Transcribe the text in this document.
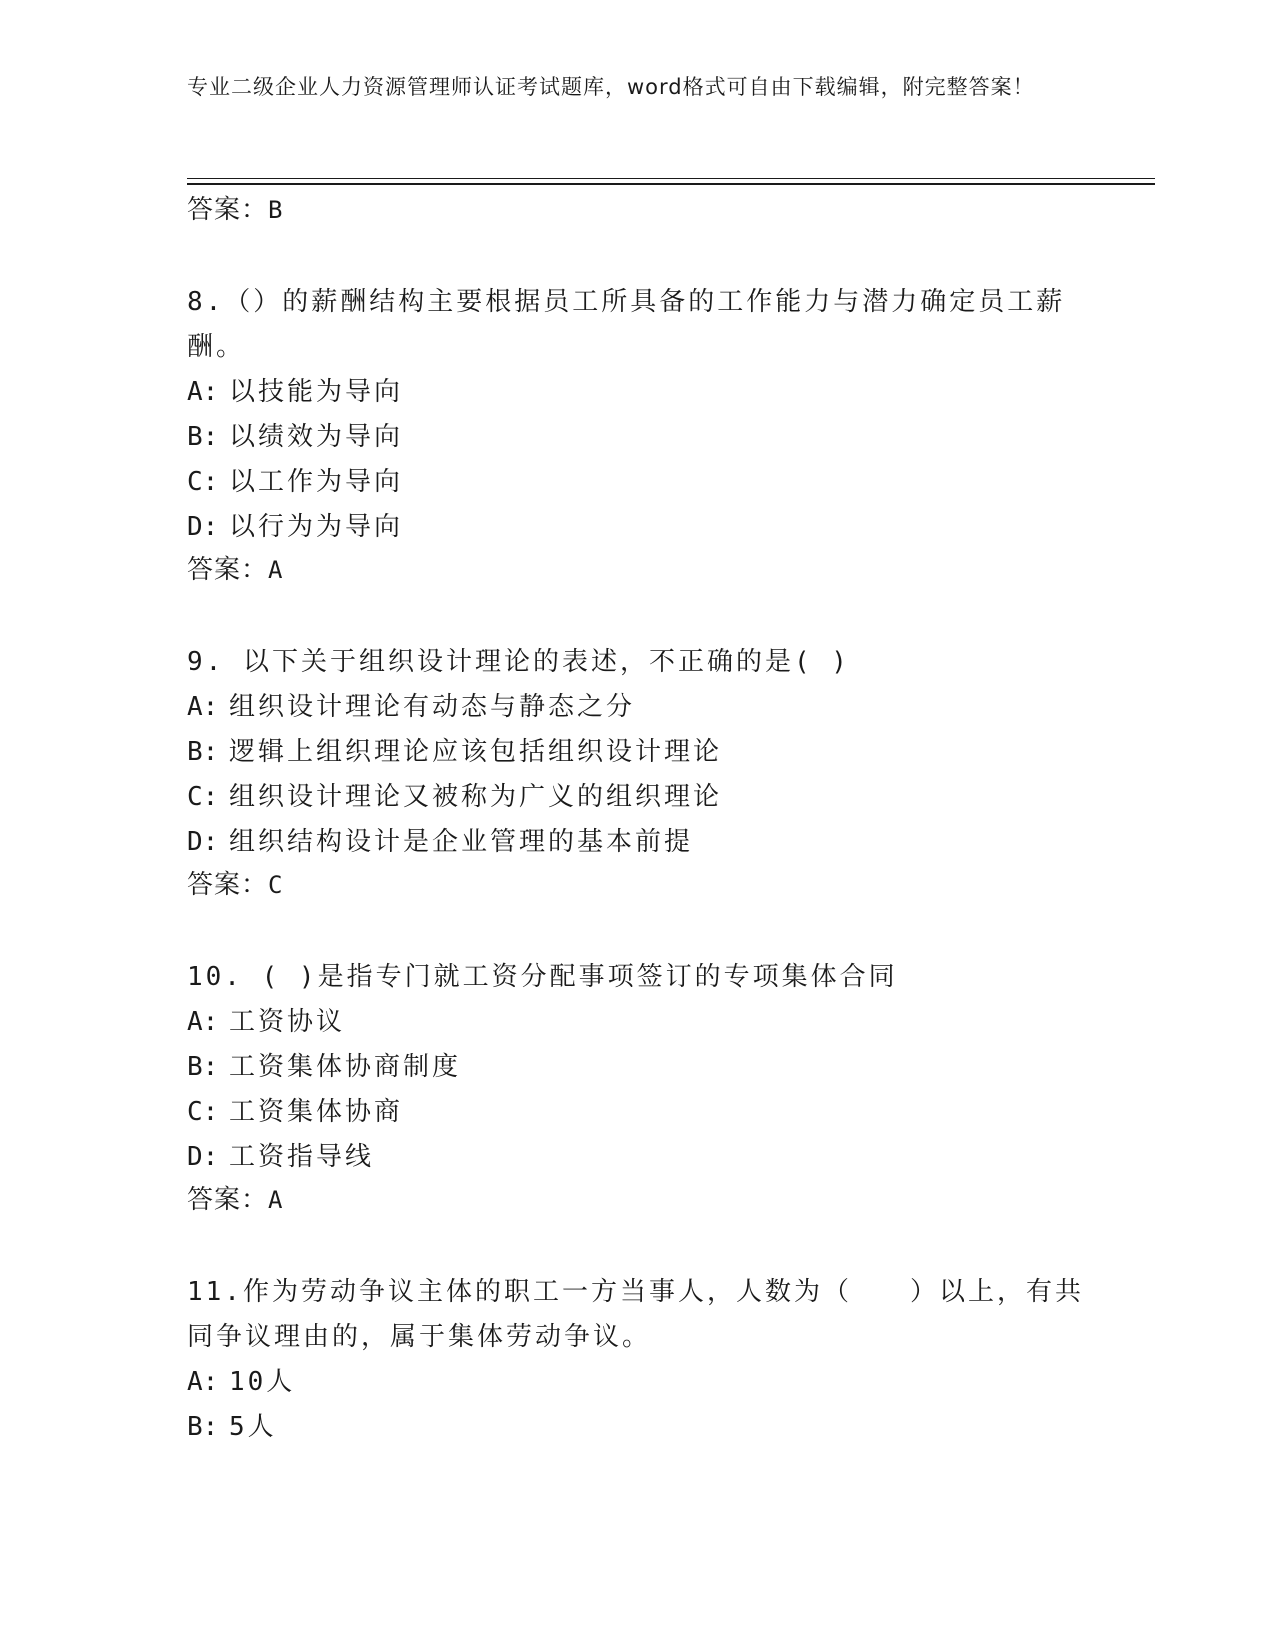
专业二级企业人力资源管理师认证考试题库，word格式可自由下载编辑，附完整答案！
答案：B
8.（）的薪酬结构主要根据员工所具备的工作能力与潜力确定员工薪酬。
A: 以技能为导向
B: 以绩效为导向
C: 以工作为导向
D: 以行为为导向
答案：A
9. 以下关于组织设计理论的表述，不正确的是( )
A: 组织设计理论有动态与静态之分
B: 逻辑上组织理论应该包括组织设计理论
C: 组织设计理论又被称为广义的组织理论
D: 组织结构设计是企业管理的基本前提
答案：C
10. ( )是指专门就工资分配事项签订的专项集体合同
A: 工资协议
B: 工资集体协商制度
C: 工资集体协商
D: 工资指导线
答案：A
11.作为劳动争议主体的职工一方当事人，人数为（　　）以上，有共同争议理由的，属于集体劳动争议。
A: 10人
B: 5人
